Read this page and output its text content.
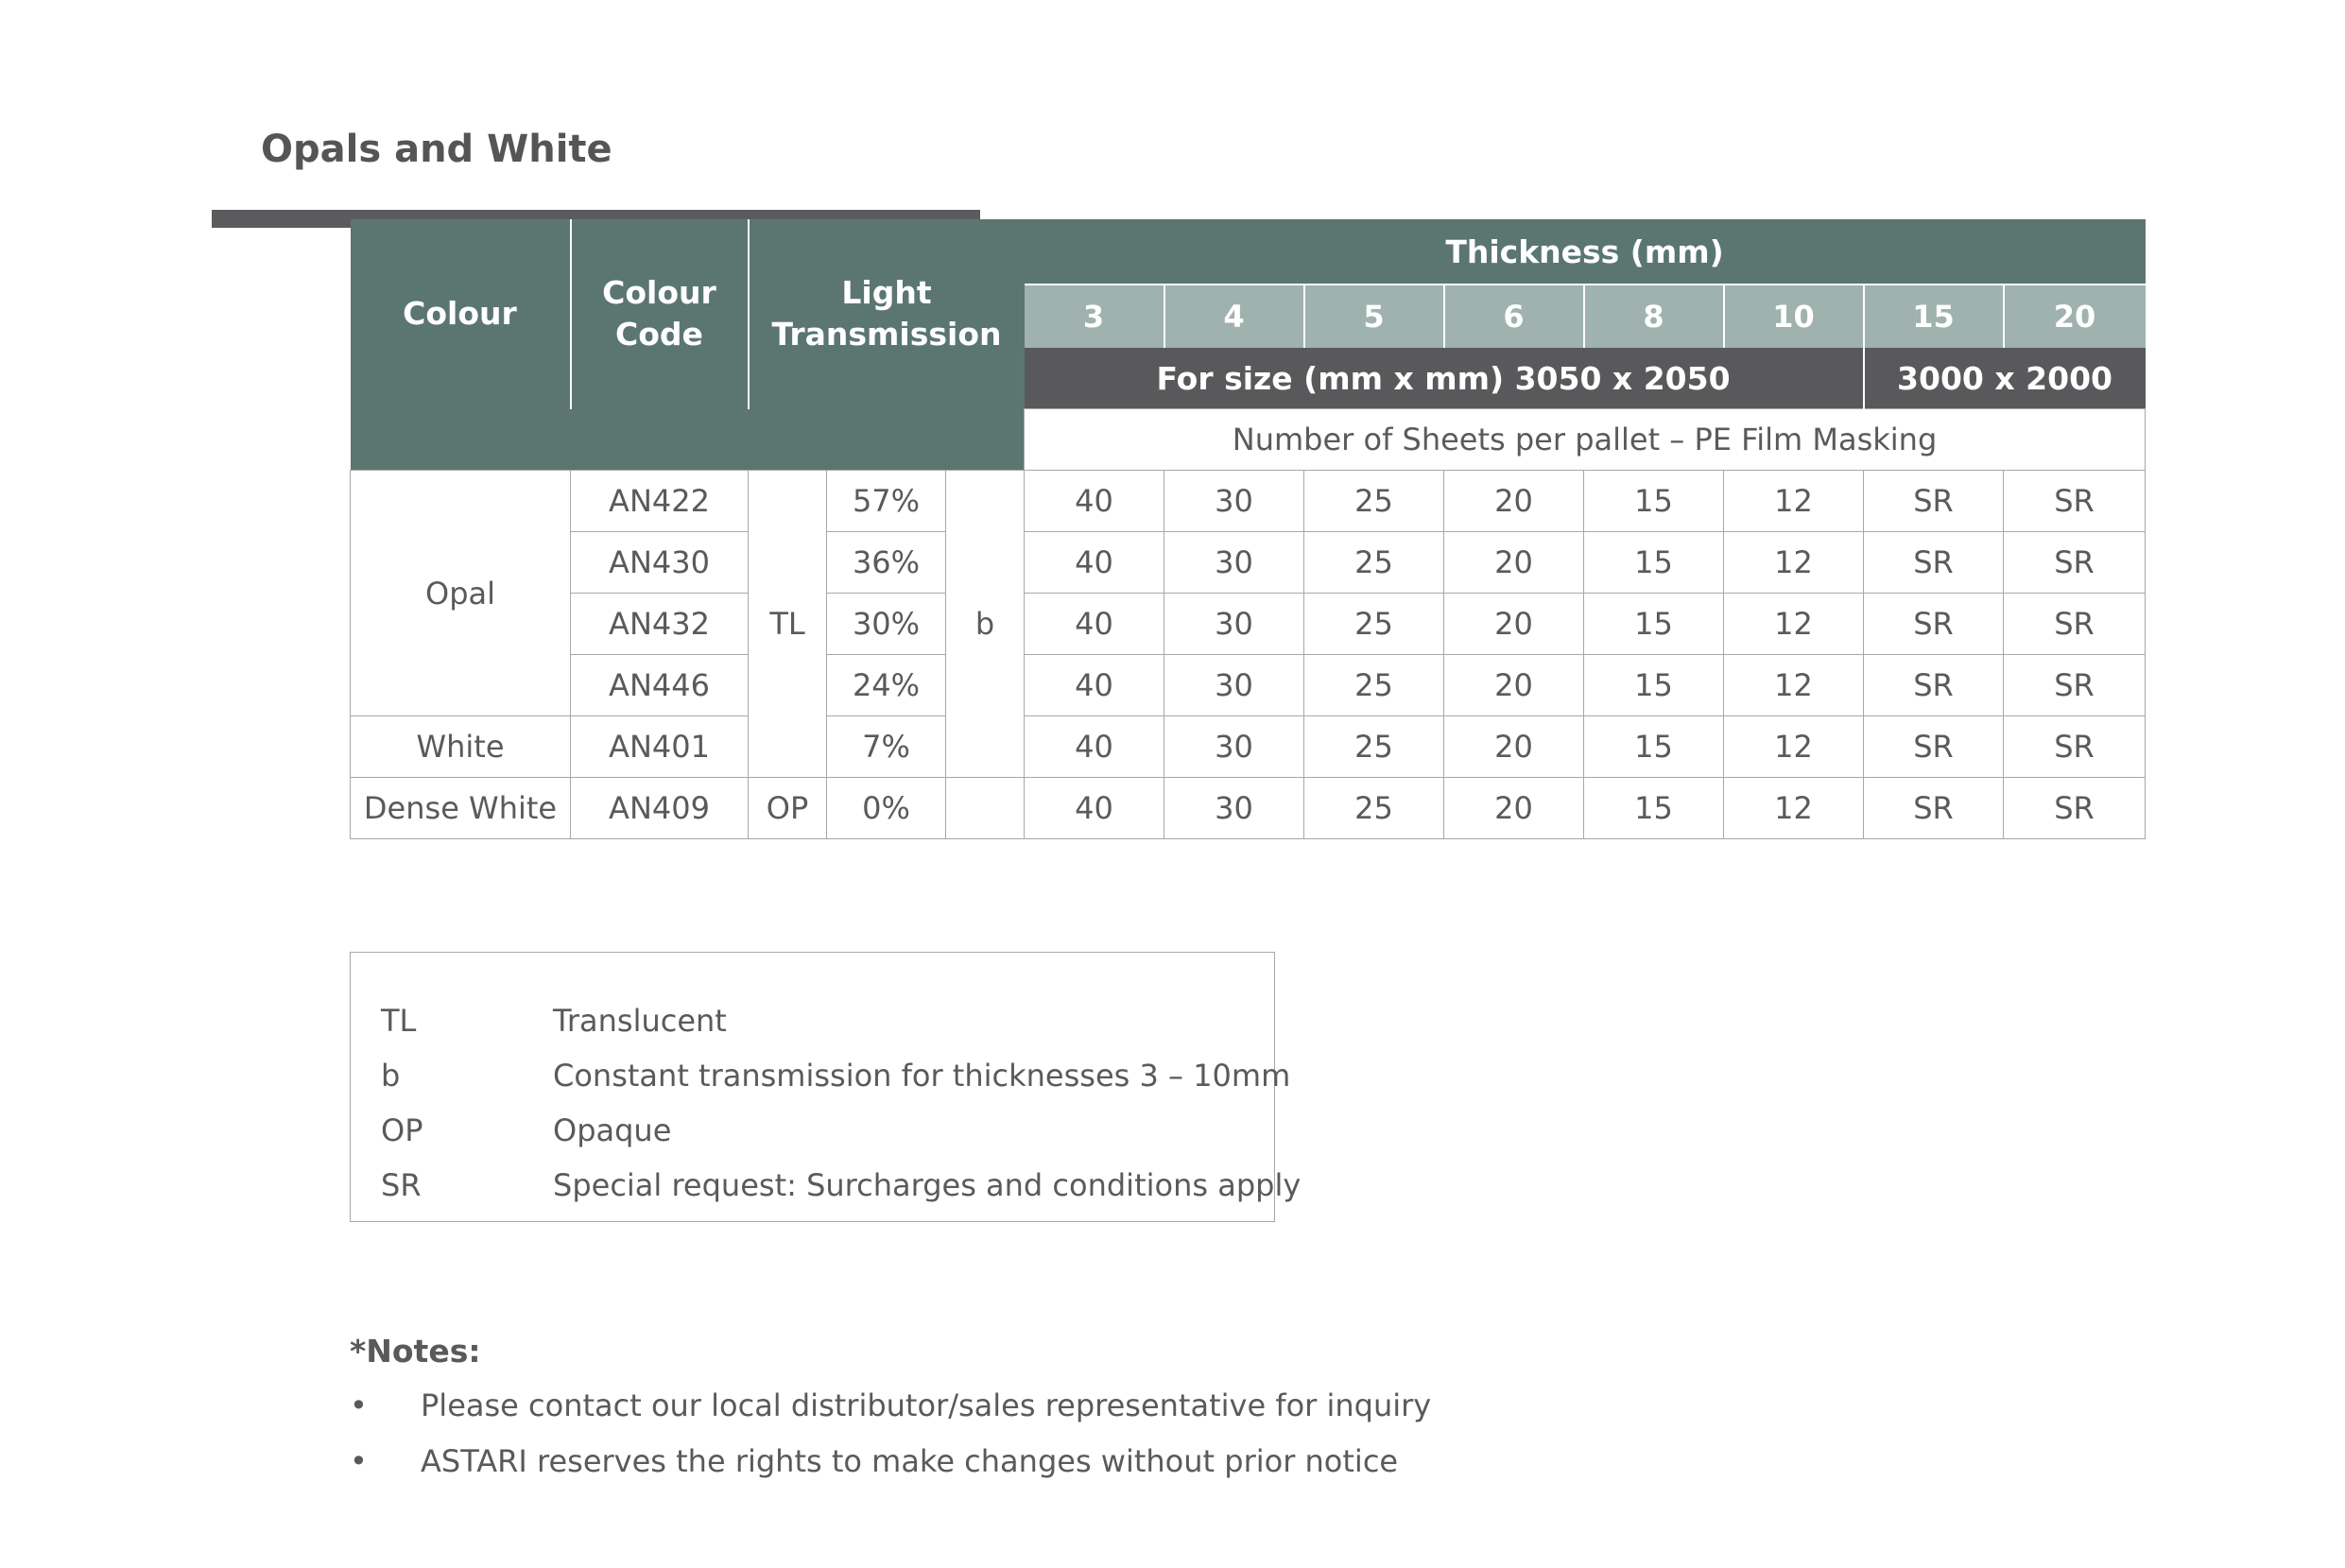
Opals and White
Colour	Colour Code	Light Transmission			Thickness (mm)							
					3	4	5	6	8	10	15	20
					For size (mm x mm) 3050 x 2050						3000 x 2000	
					Number of Sheets per pallet – PE Film Masking							
Opal	AN422	TL	57%	b	40	30	25	20	15	12	SR	SR
	AN430		36%		40	30	25	20	15	12	SR	SR
	AN432		30%		40	30	25	20	15	12	SR	SR
	AN446		24%		40	30	25	20	15	12	SR	SR
White	AN401		7%		40	30	25	20	15	12	SR	SR
Dense White	AN409	OP	0%		40	30	25	20	15	12	SR	SR
TL	Translucent
b	Constant transmission for thicknesses 3 – 10mm
OP	Opaque
SR	Special request: Surcharges and conditions apply
*Notes:
• Please contact our local distributor/sales representative for inquiry
• ASTARI reserves the rights to make changes without prior notice
